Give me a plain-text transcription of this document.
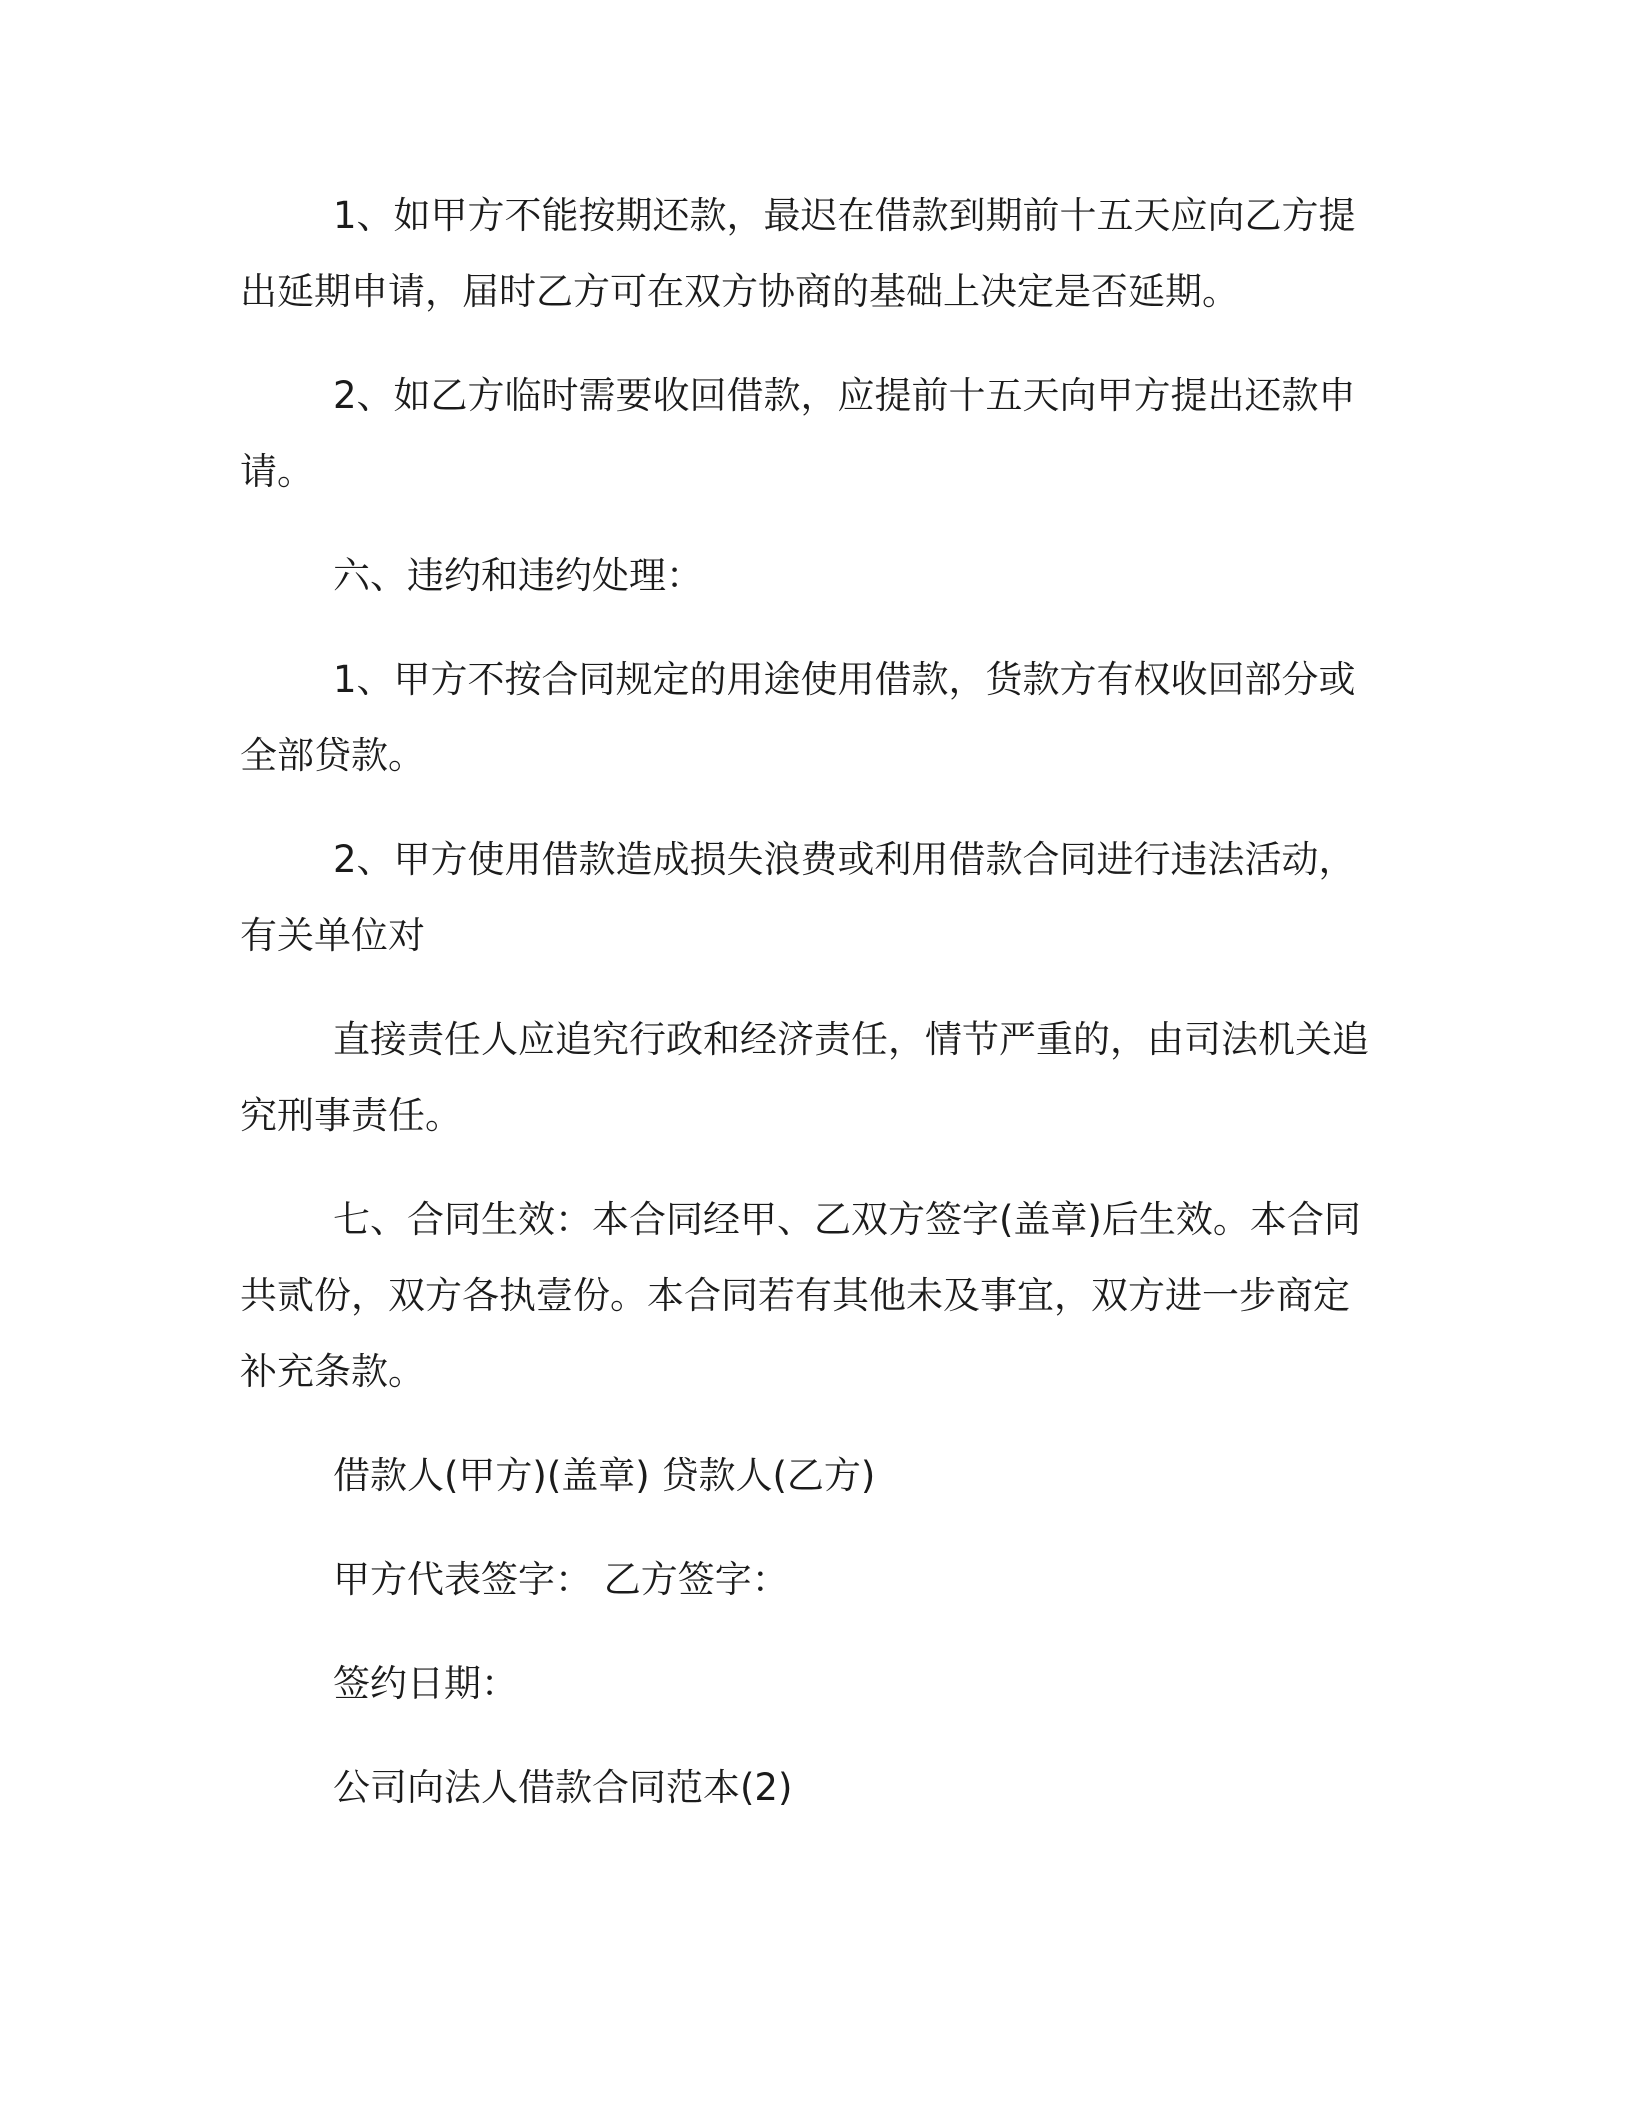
1、如甲方不能按期还款，最迟在借款到期前十五天应向乙方提
出延期申请，届时乙方可在双方协商的基础上决定是否延期。
2、如乙方临时需要收回借款，应提前十五天向甲方提出还款申
请。
六、违约和违约处理：
1、甲方不按合同规定的用途使用借款，货款方有权收回部分或
全部贷款。
2、甲方使用借款造成损失浪费或利用借款合同进行违法活动，
有关单位对
直接责任人应追究行政和经济责任，情节严重的，由司法机关追
究刑事责任。
七、合同生效：本合同经甲、乙双方签字(盖章)后生效。本合同
共贰份，双方各执壹份。本合同若有其他未及事宜，双方进一步商定
补充条款。
借款人(甲方)(盖章) 贷款人(乙方)
甲方代表签字： 乙方签字：
签约日期：
公司向法人借款合同范本(2)
